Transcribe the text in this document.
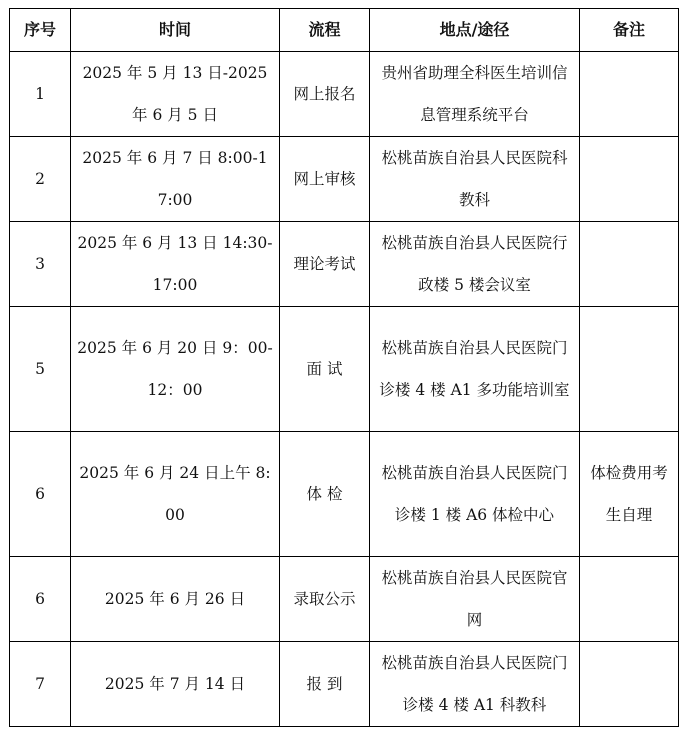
序号	时间	流程	地点/途径	备注
1	2025 年 5 月 13 日-2025 年 6 月 5 日	网上报名	贵州省助理全科医生培训信息管理系统平台	
2	2025 年 6 月 7 日 8:00-17:00	网上审核	松桃苗族自治县人民医院科教科	
3	2025 年 6 月 13 日 14:30-17:00	理论考试	松桃苗族自治县人民医院行政楼 5 楼会议室	
5	2025 年 6 月 20 日 9：00-12：00	面 试	松桃苗族自治县人民医院门诊楼 4 楼 A1 多功能培训室	
6	2025 年 6 月 24 日上午 8:00	体 检	松桃苗族自治县人民医院门诊楼 1 楼 A6 体检中心	体检费用考生自理
6	2025 年 6 月 26 日	录取公示	松桃苗族自治县人民医院官网	
7	2025 年 7 月 14 日	报 到	松桃苗族自治县人民医院门诊楼 4 楼 A1 科教科	
